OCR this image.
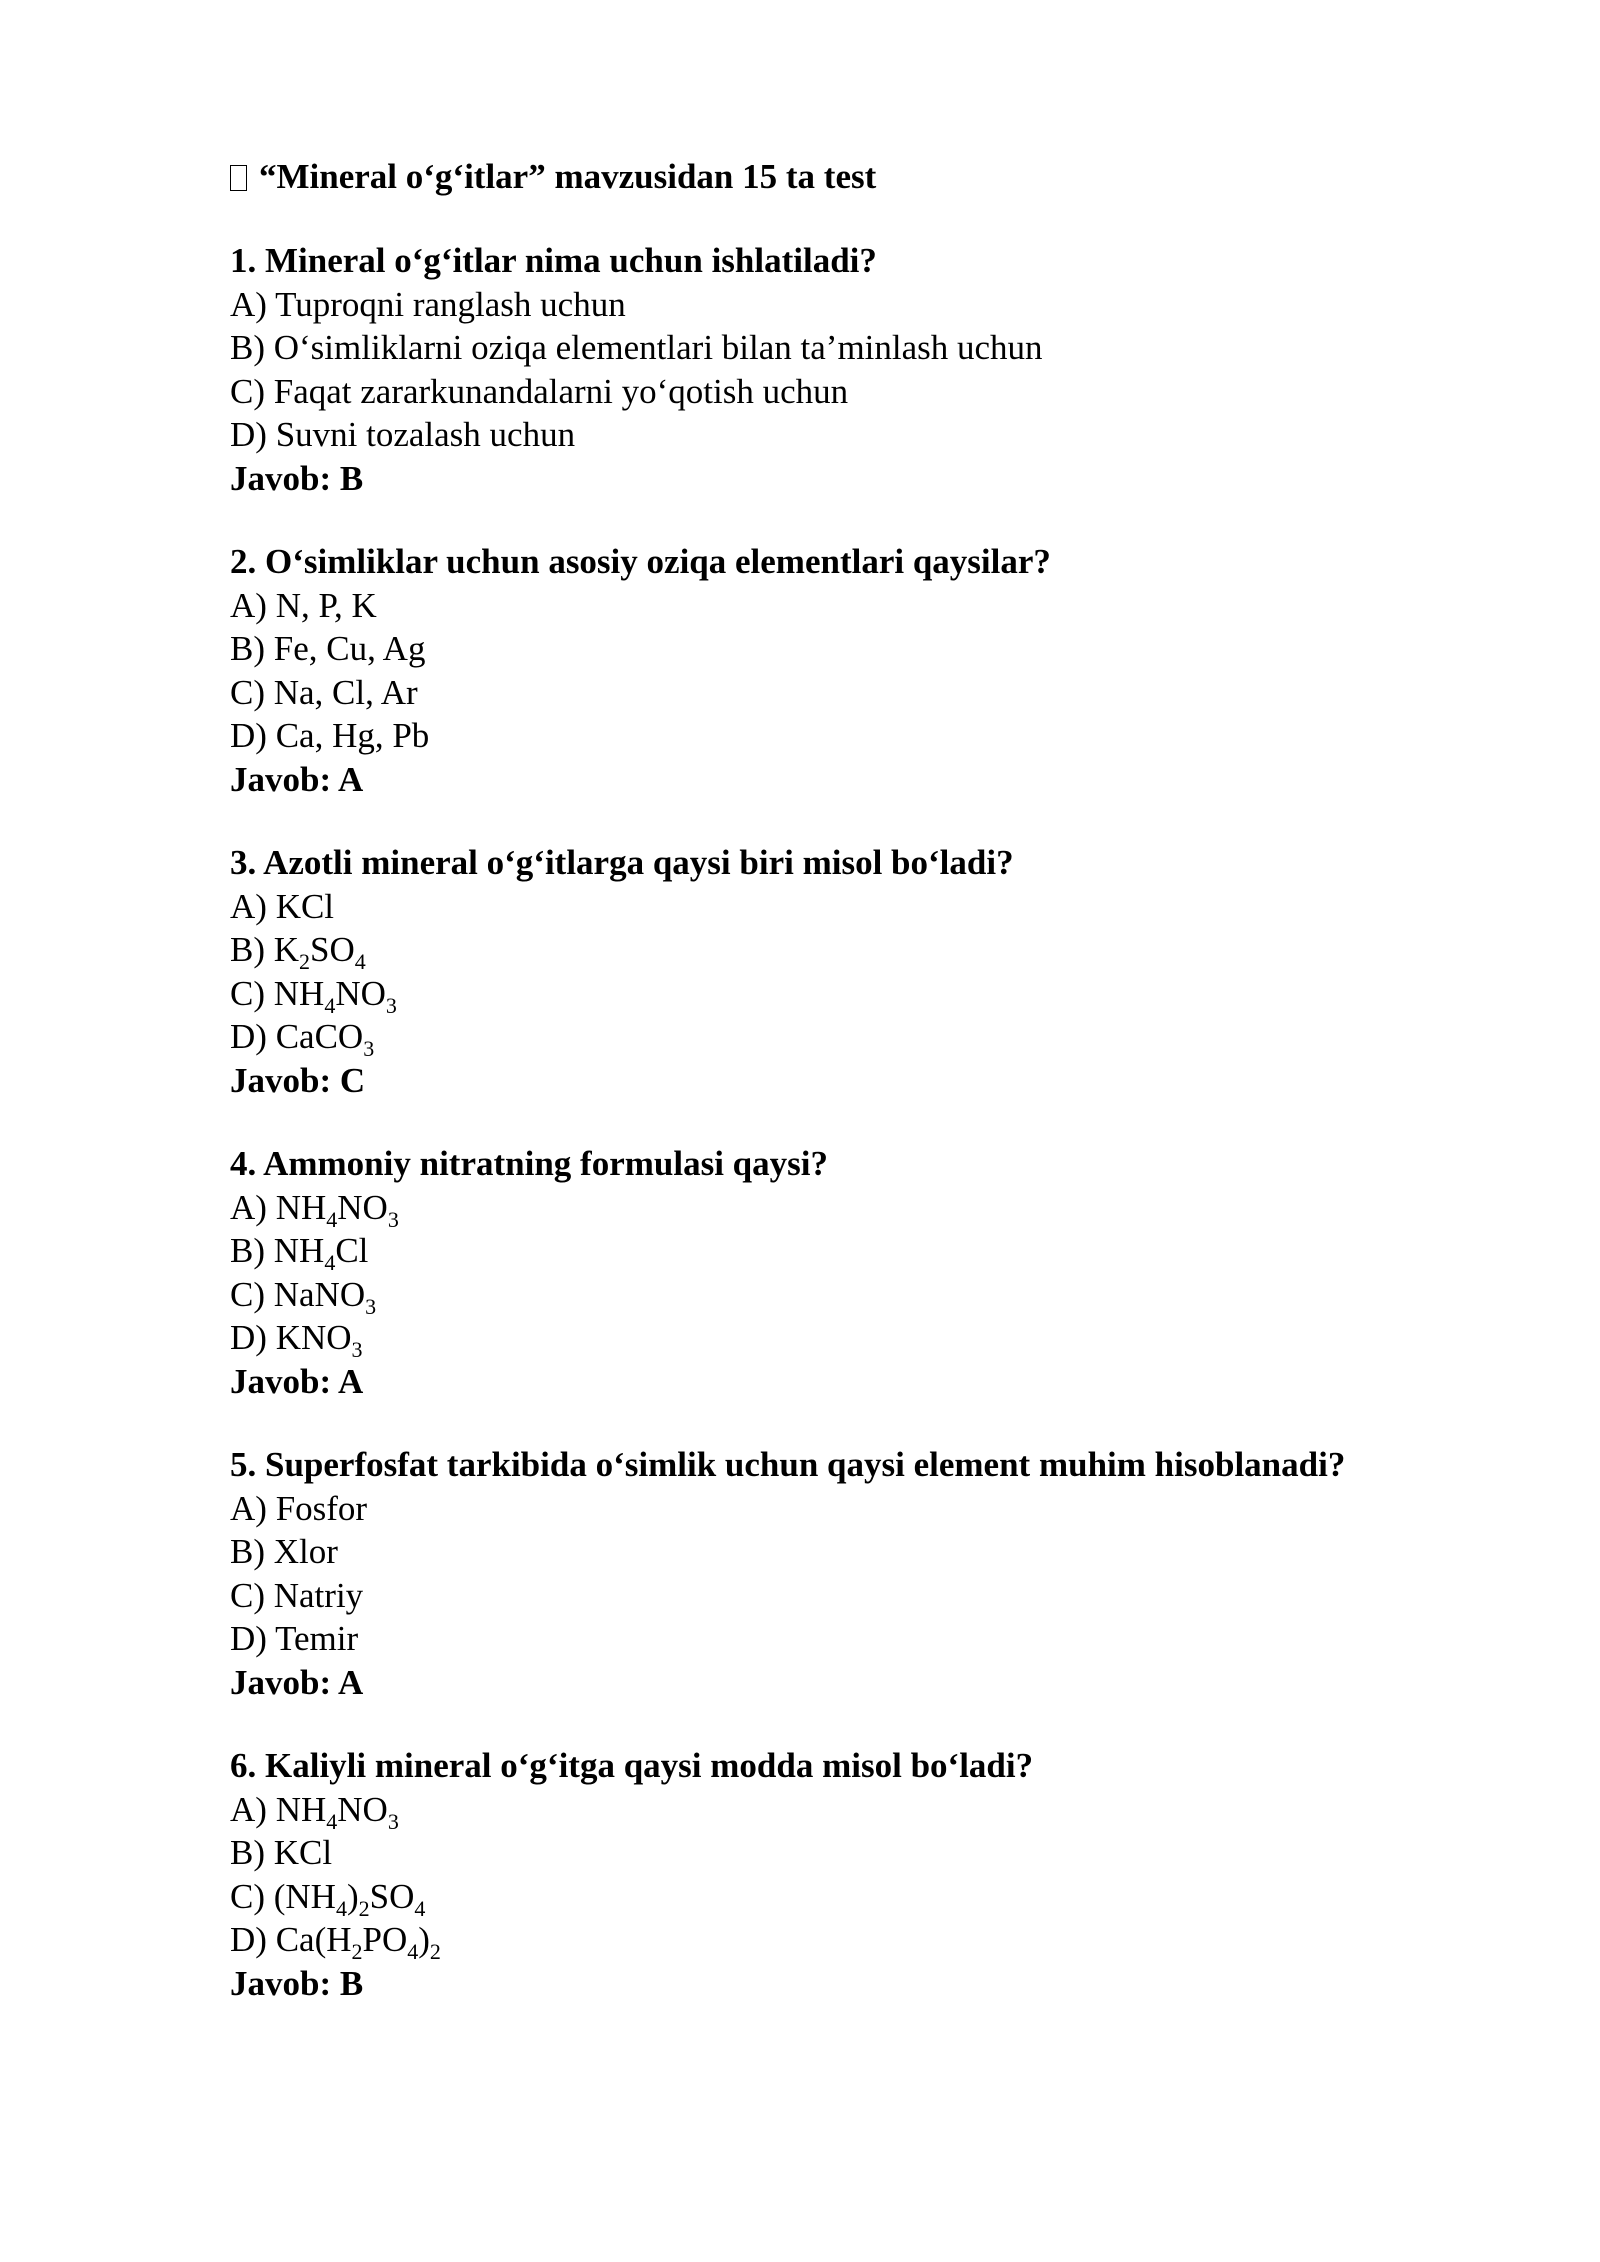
“Mineral o‘g‘itlar” mavzusidan 15 ta test
1. Mineral o‘g‘itlar nima uchun ishlatiladi?
A) Tuproqni ranglash uchun
B) O‘simliklarni oziqa elementlari bilan ta’minlash uchun
C) Faqat zararkunandalarni yo‘qotish uchun
D) Suvni tozalash uchun
Javob: B
2. O‘simliklar uchun asosiy oziqa elementlari qaysilar?
A) N, P, K
B) Fe, Cu, Ag
C) Na, Cl, Ar
D) Ca, Hg, Pb
Javob: A
3. Azotli mineral o‘g‘itlarga qaysi biri misol bo‘ladi?
A) KCl
B) $K_2SO_4$
C) $NH_4NO_3$
D) CaCO$_3$
Javob: C
4. Ammoniy nitratning formulasi qaysi?
A) $NH_4NO_3$
B) $NH_4Cl$
C) NaNO$_3$
D) $KNO_3$
Javob: A
5. Superfosfat tarkibida o‘simlik uchun qaysi element muhim hisoblanadi?
A) Fosfor
B) Xlor
C) Natriy
D) Temir
Javob: A
6. Kaliyli mineral o‘g‘itga qaysi modda misol bo‘ladi?
A) $NH_4NO_3$
B) KCl
C) $(NH_4)_2SO_4$
D) $Ca(H_2PO_4)_2$
Javob: B
